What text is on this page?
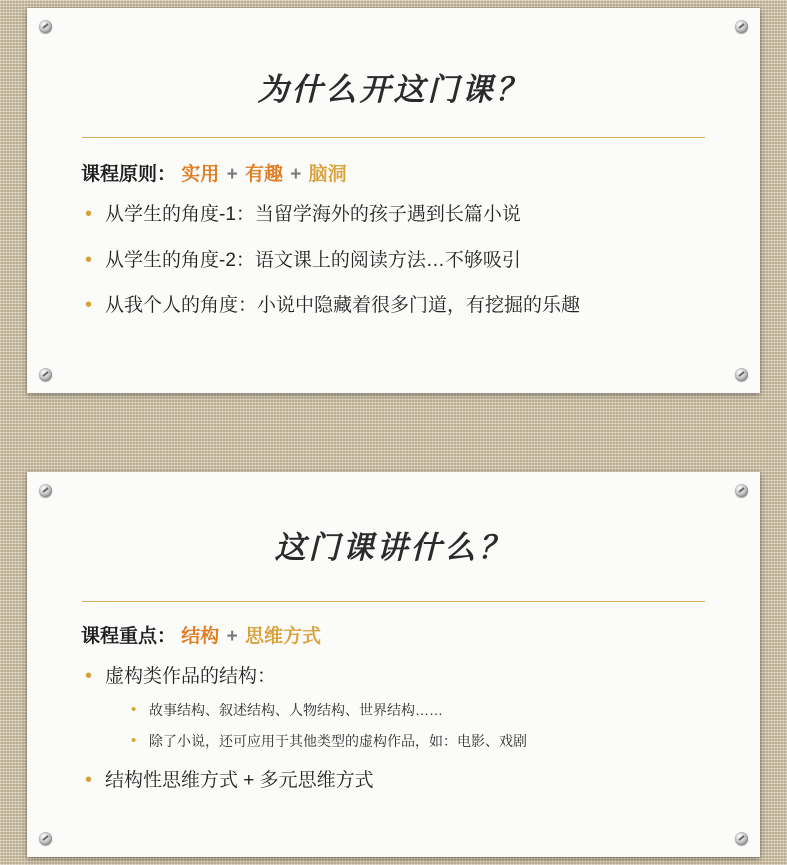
为什么开这门课？

课程原则： 实用 + 有趣 + 脑洞

• 从学生的角度-1：当留学海外的孩子遇到长篇小说
• 从学生的角度-2：语文课上的阅读方法…不够吸引
• 从我个人的角度：小说中隐藏着很多门道，有挖掘的乐趣
这门课讲什么？

课程重点： 结构 + 思维方式

• 虚构类作品的结构：
• 故事结构、叙述结构、人物结构、世界结构……
• 除了小说，还可应用于其他类型的虚构作品，如：电影、戏剧
• 结构性思维方式 + 多元思维方式
